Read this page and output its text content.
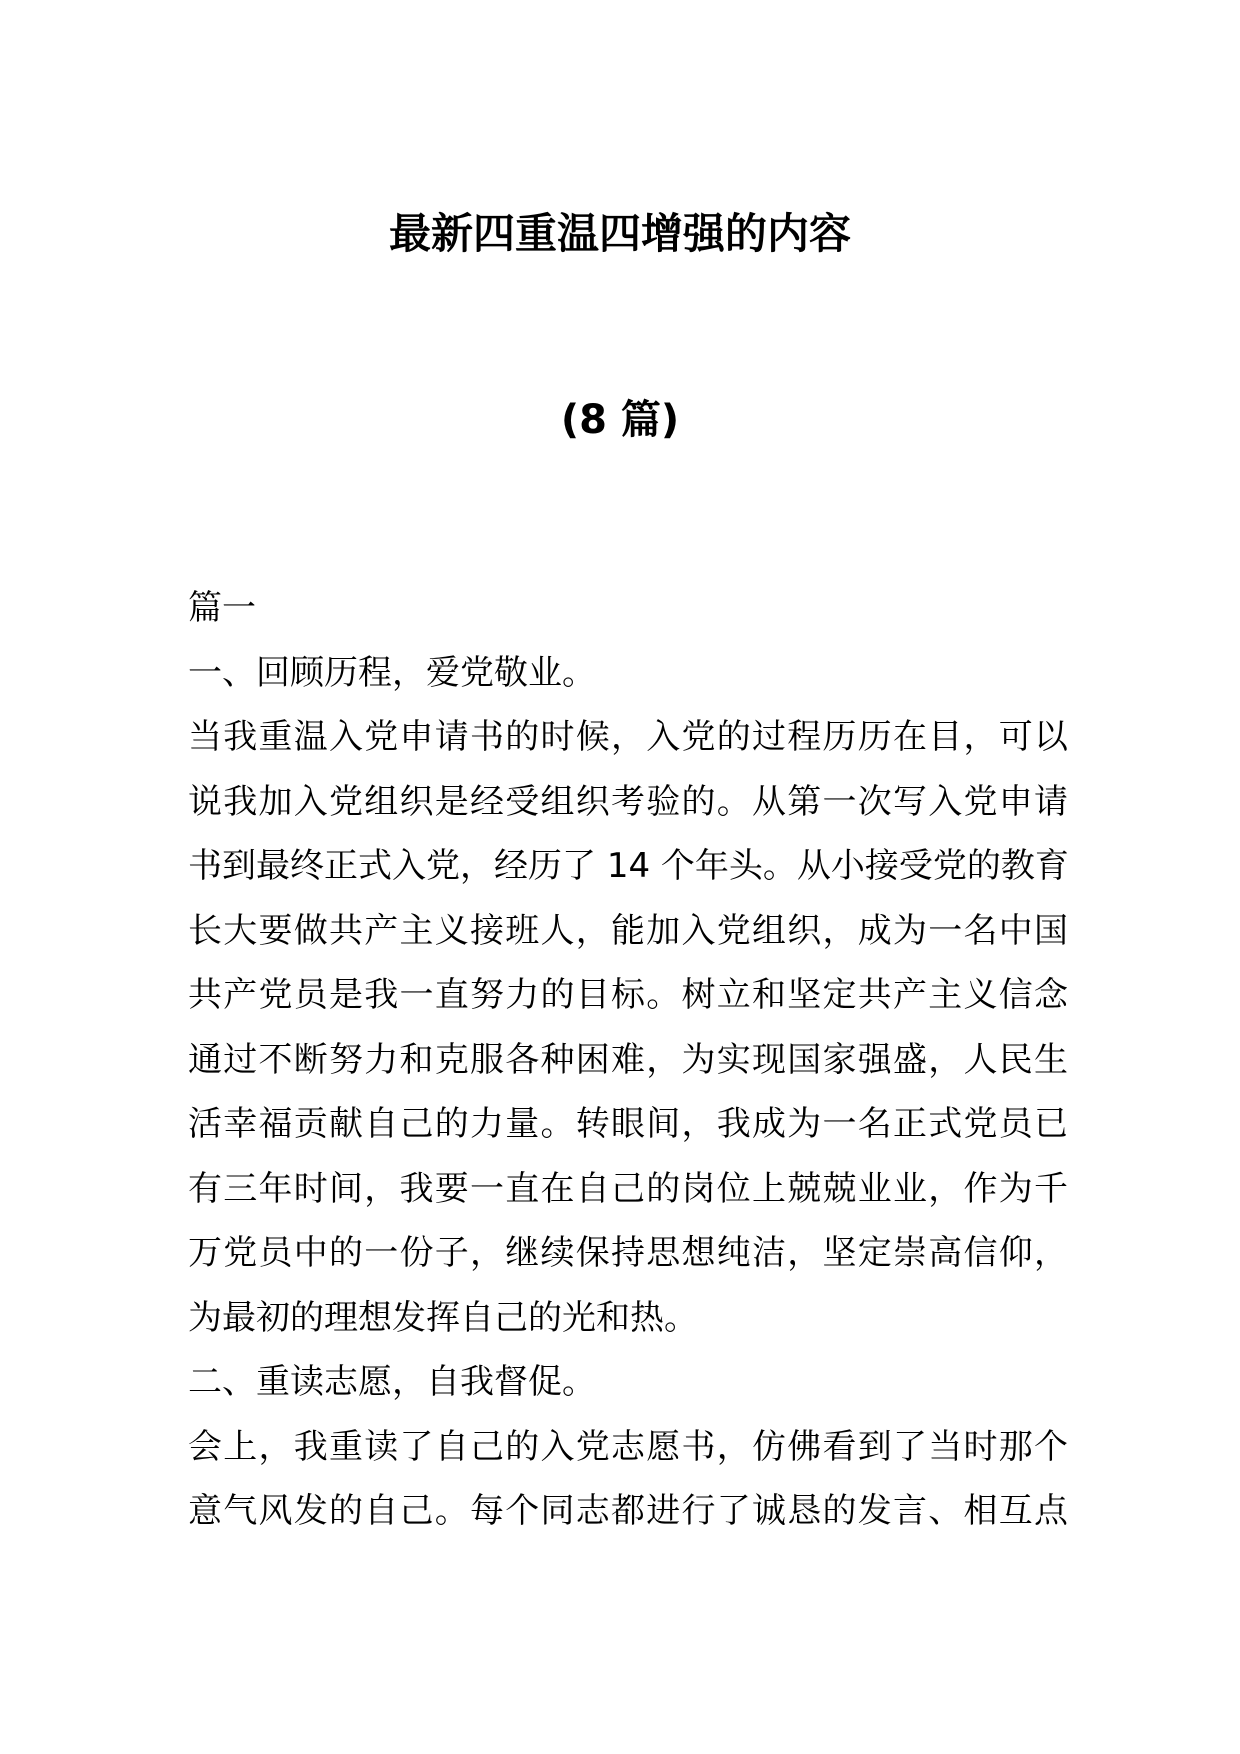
最新四重温四增强的内容
(8 篇)
篇一
一、回顾历程，爱党敬业。
当 我 重 温 入 党 申 请 书 的 时 候 ， 入 党 的 过 程 历 历 在 目 ， 可 以
说 我 加 入 党 组 织 是 经 受 组 织 考 验 的 。 从 第 一 次 写 入 党 申 请
书 到 最 终 正 式 入 党 ， 经 历 了 14 个 年 头 。 从 小 接 受 党 的 教 育
长 大 要 做 共 产 主 义 接 班 人 ， 能 加 入 党 组 织 ， 成 为 一 名 中 国
共 产 党 员 是 我 一 直 努 力 的 目 标 。 树 立 和 坚 定 共 产 主 义 信 念
通 过 不 断 努 力 和 克 服 各 种 困 难 ， 为 实 现 国 家 强 盛 ， 人 民 生
活 幸 福 贡 献 自 己 的 力 量 。 转 眼 间 ， 我 成 为 一 名 正 式 党 员 已
有 三 年 时 间 ， 我 要 一 直 在 自 己 的 岗 位 上 兢 兢 业 业 ， 作 为 千
万 党 员 中 的 一 份 子 ， 继 续 保 持 思 想 纯 洁 ， 坚 定 崇 高 信 仰 ，
为最初的理想发挥自己的光和热。
二、重读志愿，自我督促。
会 上 ， 我 重 读 了 自 己 的 入 党 志 愿 书 ， 仿 佛 看 到 了 当 时 那 个
意 气 风 发 的 自 己 。 每 个 同 志 都 进 行 了 诚 恳 的 发 言 、 相 互 点
